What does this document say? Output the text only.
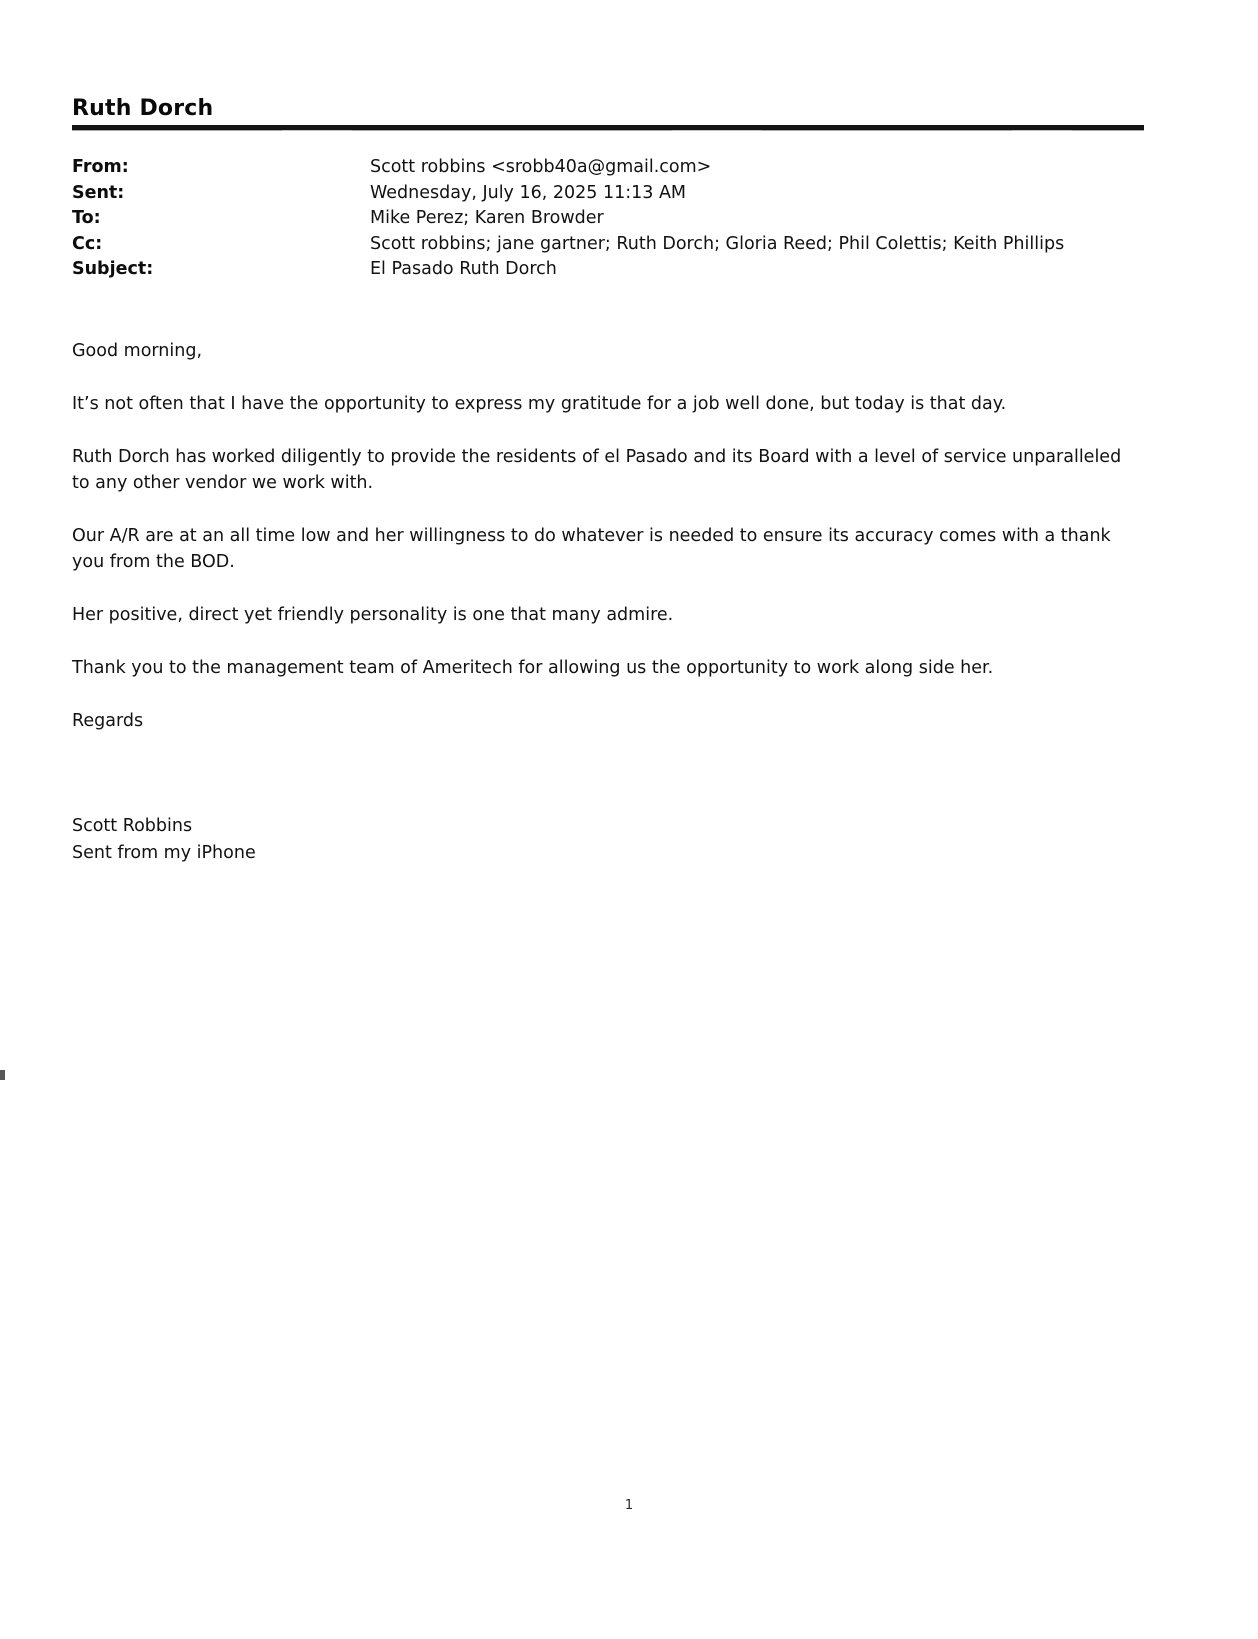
Ruth Dorch
From:	Scott robbins <srobb40a@gmail.com>
Sent:	Wednesday, July 16, 2025 11:13 AM
To:	Mike Perez; Karen Browder
Cc:	Scott robbins; jane gartner; Ruth Dorch; Gloria Reed; Phil Colettis; Keith Phillips
Subject:	El Pasado Ruth Dorch

Good morning,

It’s not often that I have the opportunity to express my gratitude for a job well done, but today is that day.

Ruth Dorch has worked diligently to provide the residents of el Pasado and its Board with a level of service unparalleled to any other vendor we work with.

Our A/R are at an all time low and her willingness to do whatever is needed to ensure its accuracy comes with a thank you from the BOD.

Her positive, direct yet friendly personality is one that many admire.

Thank you to the management team of Ameritech for allowing us the opportunity to work along side her.

Regards

Scott Robbins

Sent from my iPhone

1
